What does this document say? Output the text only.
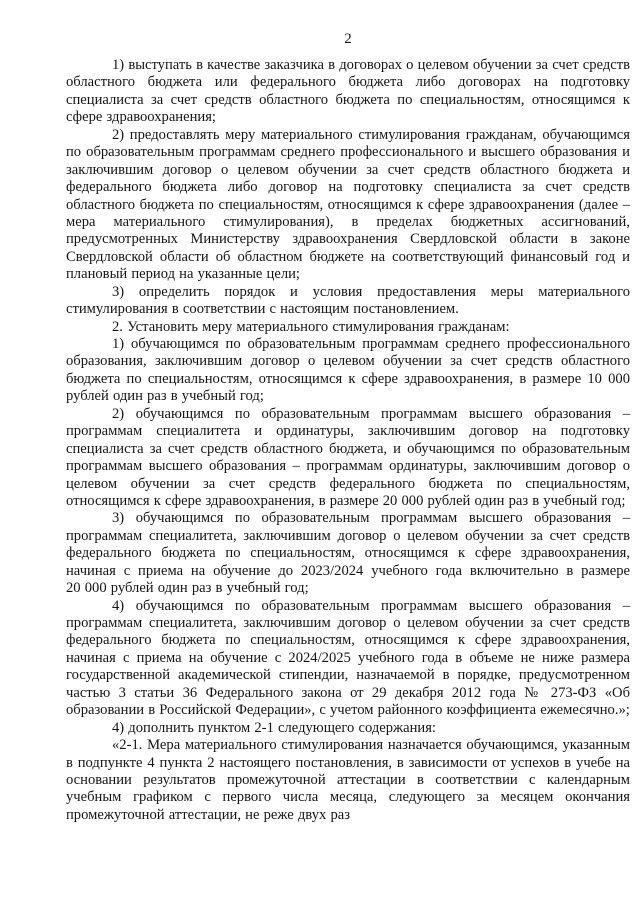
2

1) выступать в качестве заказчика в договорах о целевом обучении за счет средств областного бюджета или федерального бюджета либо договорах на подготовку специалиста за счет средств областного бюджета по специальностям, относящимся к сфере здравоохранения;

2) предоставлять меру материального стимулирования гражданам, обучающимся по образовательным программам среднего профессионального и высшего образования и заключившим договор о целевом обучении за счет средств областного бюджета и федерального бюджета либо договор на подготовку специалиста за счет средств областного бюджета по специальностям, относящимся к сфере здравоохранения (далее – мера материального стимулирования), в пределах бюджетных ассигнований, предусмотренных Министерству здравоохранения Свердловской области в законе Свердловской области об областном бюджете на соответствующий финансовый год и плановый период на указанные цели;

3) определить порядок и условия предоставления меры материального стимулирования в соответствии с настоящим постановлением.

2. Установить меру материального стимулирования гражданам:

1) обучающимся по образовательным программам среднего профессионального образования, заключившим договор о целевом обучении за счет средств областного бюджета по специальностям, относящимся к сфере здравоохранения, в размере 10 000 рублей один раз в учебный год;

2) обучающимся по образовательным программам высшего образования – программам специалитета и ординатуры, заключившим договор на подготовку специалиста за счет средств областного бюджета, и обучающимся по образовательным программам высшего образования – программам ординатуры, заключившим договор о целевом обучении за счет средств федерального бюджета по специальностям, относящимся к сфере здравоохранения, в размере 20 000 рублей один раз в учебный год;

3) обучающимся по образовательным программам высшего образования – программам специалитета, заключившим договор о целевом обучении за счет средств федерального бюджета по специальностям, относящимся к сфере здравоохранения, начиная с приема на обучение до 2023/2024 учебного года включительно в размере 20 000 рублей один раз в учебный год;

4) обучающимся по образовательным программам высшего образования – программам специалитета, заключившим договор о целевом обучении за счет средств федерального бюджета по специальностям, относящимся к сфере здравоохранения, начиная с приема на обучение с 2024/2025 учебного года в объеме не ниже размера государственной академической стипендии, назначаемой в порядке, предусмотренном частью 3 статьи 36 Федерального закона от 29 декабря 2012 года № 273-ФЗ «Об образовании в Российской Федерации», с учетом районного коэффициента ежемесячно.»;

4) дополнить пунктом 2-1 следующего содержания:

«2-1. Мера материального стимулирования назначается обучающимся, указанным в подпункте 4 пункта 2 настоящего постановления, в зависимости от успехов в учебе на основании результатов промежуточной аттестации в соответствии с календарным учебным графиком с первого числа месяца, следующего за месяцем окончания промежуточной аттестации, не реже двух раз
